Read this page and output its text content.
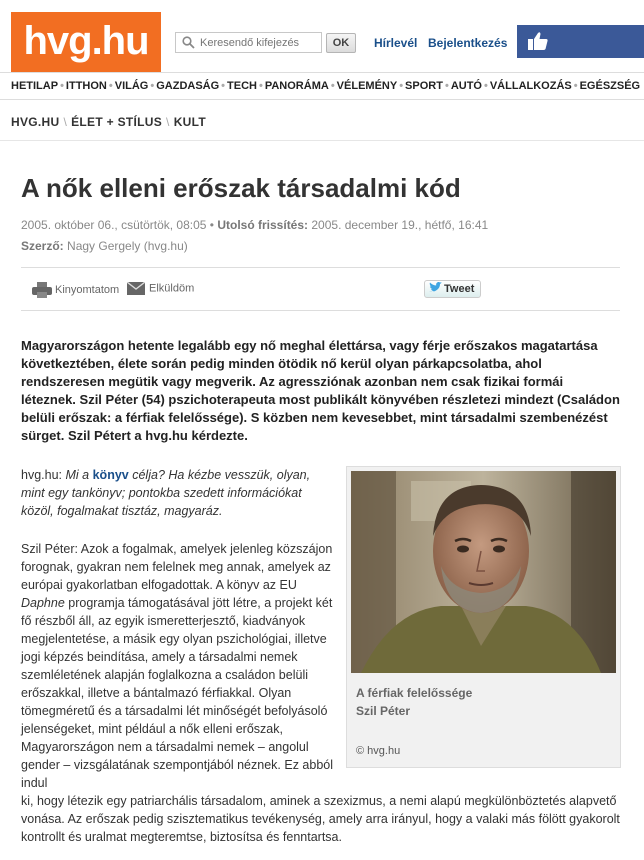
hvg.hu
Keresendő kifejezés	OK	Hírlevél Bejelentkezés
HETILAP • ITTHON • VILÁG • GAZDASÁG • TECH • PANORÁMA • VÉLEMÉNY • SPORT • AUTÓ • VÁLLALKOZÁS • EGÉSZSÉG
HVG.HU \ ÉLET + STÍLUS \ KULT
A nők elleni erőszak társadalmi kód
2005. október 06., csütörtök, 08:05 • Utolsó frissítés: 2005. december 19., hétfő, 16:41
Szerző: Nagy Gergely (hvg.hu)
Kinyomtatom	Elküldöm	Tweet
Magyarországon hetente legalább egy nő meghal élettársa, vagy férje erőszakos magatartása következtében, élete során pedig minden ötödik nő kerül olyan párkapcsolatba, ahol rendszeresen megütik vagy megverik. Az agressziónak azonban nem csak fizikai formái léteznek. Szil Péter (54) pszichoterapeuta most publikált könyvében részletezi mindezt (Családon belüli erőszak: a férfiak felelőssége). S közben nem kevesebbet, mint társadalmi szembenézést sürget. Szil Pétert a hvg.hu kérdezte.
A férfiak felelőssége
Szil Péter
© hvg.hu
hvg.hu: Mi a könyv célja? Ha kézbe vesszük, olyan, mint egy tankönyv; pontokba szedett információkat közöl, fogalmakat tisztáz, magyaráz.
Szil Péter: Azok a fogalmak, amelyek jelenleg közszájon forognak, gyakran nem felelnek meg annak, amelyek az európai gyakorlatban elfogadottak. A könyv az EU Daphne programja támogatásával jött létre, a projekt két fő részből áll, az egyik ismeretterjesztő, kiadványok megjelentetése, a másik egy olyan pszichológiai, illetve jogi képzés beindítása, amely a társadalmi nemek szemléletének alapján foglalkozna a családon belüli erőszakkal, illetve a bántalmazó férfiakkal. Olyan tömegméretű és a társadalmi lét minőségét befolyásoló jelenségeket, mint például a nők elleni erőszak, Magyarországon nem a társadalmi nemek – angolul gender – vizsgálatának szempontjából néznek. Ez abból indul
ki, hogy létezik egy patriarchális társadalom, aminek a szexizmus, a nemi alapú megkülönböztetés alapvető vonása. Az erőszak pedig szisztematikus tevékenység, amely arra irányul, hogy a valaki más fölött gyakorolt kontrollt és uralmat megteremtse, biztosítsa és fenntartsa.
